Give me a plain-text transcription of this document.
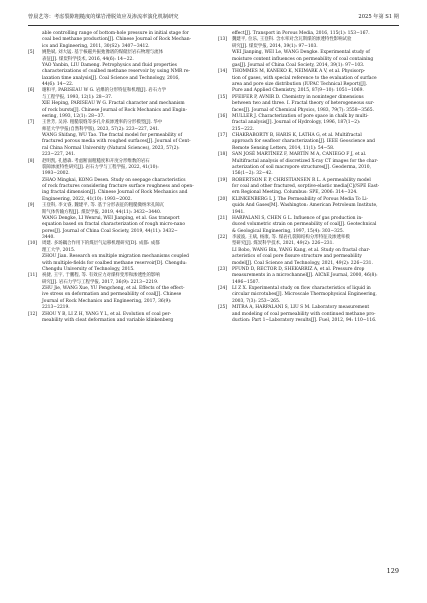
曾晨艺等：考虑裂隙粗糙度的煤岩滑脱效应及渗流率演化机制研究	2025 年第 S1 期
able controlling range of bottom-hole pressure in initial stage for
coal bed methane production[J]. Chinese Journal of Rock Mechan-
ics and Engineering, 2011, 30(S2): 3407−3412.
[5]	姚艳斌, 刘大锰. 基于核磁共振弛豫谱的煤储层岩石物理与流体
表征[J]. 煤炭科学技术, 2016, 44(6): 14−22.
YAO Yanbin, LIU Dameng. Petrophysics and fluid properties
characterizations of coalbed methane reservoir by using NMR re-
laxation time analysis[J]. Coal Science and Technology, 2016,
44(6): 14−22.
[6]	谢和平, PARISEAU W G. 岩爆的分形特征和机理[J]. 岩石力学
与工程学报, 1993, 12(1): 28−37.
XIE Heping, PARISEAU W G. Fractal character and mechanism
of rock bursts[J]. Chinese Journal of Rock Mechanics and Engin-
eering, 1993, 12(1): 28−37.
[7]	王世芳, 吴涛. 粗糙裂缝等多孔介质渗透率的分形模型[J]. 华中
师范大学学报(自然科学版), 2023, 57(2): 223−227, 241.
WANG Shifang, WU Tao. The fractal model for permeability of
fractured porous media with roughed surfaces[J]. Journal of Cent-
ral China Normal University (Natural Sciences), 2023, 57(2):
223−227, 241.
[8]	赵明凯, 孔德森. 考虑断面粗糙度和开度分形维数的岩石
裂隙渗流特性研究[J]. 岩石力学与工程学报, 2022, 41(10):
1993−2002.
ZHAO Mingkai, KONG Desen. Study on seepage characteristics
of rock fractures considering fracture surface roughness and open-
ing fractal dimension[J]. Chinese Journal of Rock Mechanics and
Engineering, 2022, 41(10): 1993−2002.
[9]	王登科, 李文睿, 魏建平, 等. 基于分形表征的粗糙微纳米孔隙瓦
斯气体传输方程[J]. 煤炭学报, 2019, 44(11): 3432−3440.
WANG Dengke, LI Wenrui, WEI Jianping, et al. Gas transport
equation based on fractal characterization of rough micro-nano
pores[J]. Journal of China Coal Society, 2019, 44(11): 3432−
3440.
[10]	周建. 多场耦合作用下的煤层气运移机理研究[D]. 成都: 成都
理工大学, 2015.
ZHOU Jian. Research on multiple migration mechanisms coupled
with multiple-fields for coalbed methane reservoir[D]. Chengdu:
Chengdu University of Technology, 2015.
[11]	祝捷, 王宇, 于鹏程, 等. 有效应力对煤样变形和渗透性的影响
研究[J]. 岩石力学与工程学报, 2017, 36(9): 2213−2219.
ZHU Jie, WANG Xue, YU Pengcheng, et al. Effects of the effect-
ive stress on deformation and permeability of coal[J]. Chinese
Journal of Rock Mechanics and Engineering, 2017, 36(9):
2213−2219.
[12]	ZHOU Y B, LI Z H, YANG Y L, et al. Evolution of coal per-
meability with cleat deformation and variable klinkenberg
effect[J]. Transport in Porous Media, 2016, 115(1): 153−167.
[13]	魏建平, 位乐, 王登科. 含水率对含瓦斯煤的渗透特性影响试验
研究[J]. 煤炭学报, 2014, 39(1): 97−103.
WEI Jianping, WEI Le, WANG Dengke. Experimental study of
moisture content influences on permeability of coal containing
gas[J]. Journal of China Coal Society, 2014, 39(1): 97−103.
[14]	THOMMES M, KANEKO K, NEIMARK A V, et al. Physisorp-
tion of gases, with special reference to the evaluation of surface
area and pore size distribution (IUPAC Technical Report)[J].
Pure and Applied Chemistry, 2015, 87(9−10): 1051−1069.
[15]	PFEIFER P, AVNIR D. Chemistry in noninteger dimensions
between two and three. I. Fractal theory of heterogeneous sur-
faces[J]. Journal of Chemical Physics, 1983, 79(7): 3558−3565.
[16]	MULLER J. Characterization of pore space in chalk by multi-
fractal analysis[J]. Journal of Hydrology, 1996, 187(1−2):
215−222.
[17]	CHAKRABORTY B, HARIS K, LATHA G, et al. Multifractal
approach for seafloor characterization[J]. IEEE Geoscience and
Remote Sensing Letters, 2014, 11(1): 54−58.
[18]	SAN JOSÉ MARTÍNEZ F, MARTÍN M A, CANIEGO F J, et al.
Multifractal analysis of discretized X-ray CT images for the char-
acterization of soil macropore structures[J]. Geoderma, 2010,
156(1−2): 32−42.
[19]	ROBERTSON E P, CHRISTIANSEN R L. A permeability model
for coal and other fractured, sorptive-elastic media[C]//SPE East-
ern Regional Meeting. Columbus: SPE, 2006: 314−324.
[20]	KLINKENBERG L J. The Permeability of Porous Media To Li-
quids And Gases[M]. Washington: American Petroleum Institute,
1941.
[21]	HARPALANI S, CHEN G L. Influence of gas production in-
duced volumetric strain on permeability of coal[J]. Geotechnical
& Geological Engineering, 1997, 15(4): 303−325.
[22]	李波波, 王斌, 杨康, 等. 煤岩孔裂隙结构分形特征及渗透率模
型研究[J]. 煤炭科学技术, 2021, 49(2): 226−231.
LI Bobo, WANG Bin, YANG Kang, et al. Study on fractal char-
acteristics of coal pore fissure structure and permeability
model[J]. Coal Science and Technology, 2021, 49(2): 226−231.
[23]	PFUND D, RECTOR D, SHEKARRIZ A, et al. Pressure drop
measurements in a microchannel[J]. AIChE Journal, 2000, 46(8):
1496−1507.
[24]	LI Z X. Experimental study on flow characteristics of liquid in
circular microtubes[J]. Microscale Thermophysical Engineering,
2003, 7(3): 253−265.
[25]	MITRA A, HARPALANI S, LIU S M. Laboratory measurement
and modeling of coal permeability with continued methane pro-
duction: Part 1−Laboratory results[J]. Fuel, 2012, 94: 110−116.
129
